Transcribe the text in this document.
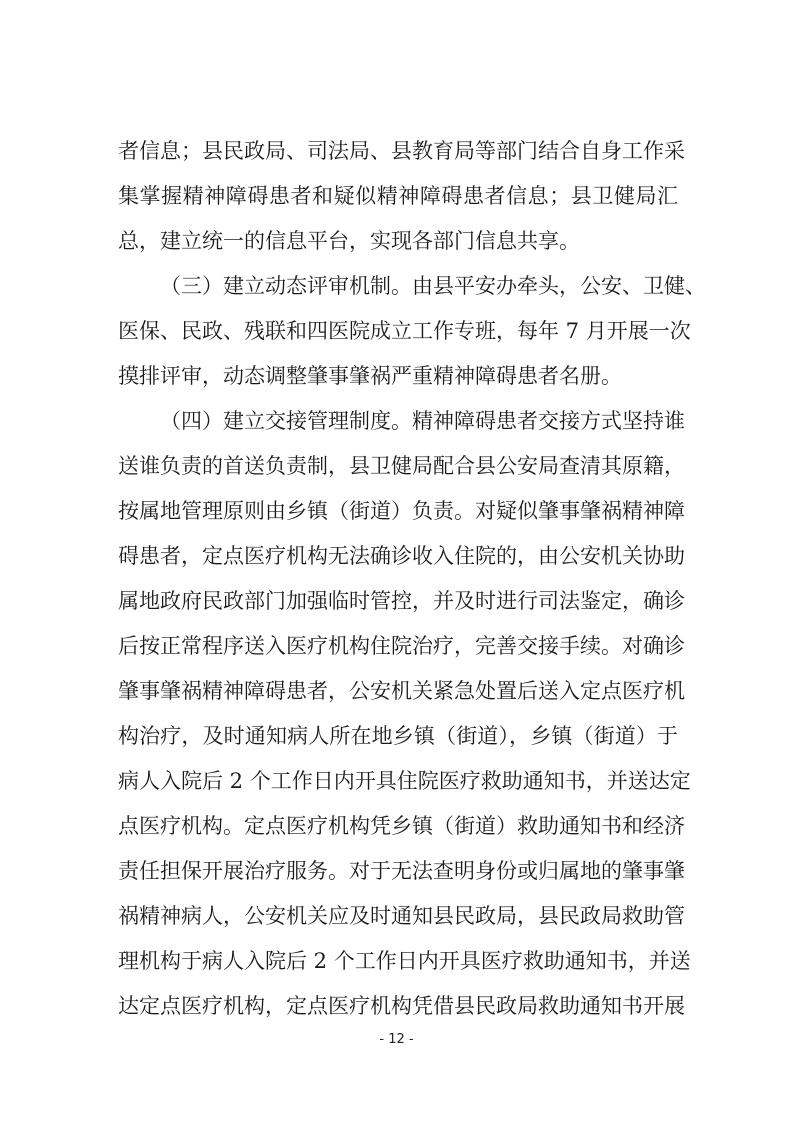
者信息；县民政局、司法局、县教育局等部门结合自身工作采
集掌握精神障碍患者和疑似精神障碍患者信息；县卫健局汇
总，建立统一的信息平台，实现各部门信息共享。
（三）建立动态评审机制。由县平安办牵头，公安、卫健、
医保、民政、残联和四医院成立工作专班，每年 7 月开展一次
摸排评审，动态调整肇事肇祸严重精神障碍患者名册。
（四）建立交接管理制度。精神障碍患者交接方式坚持谁
送谁负责的首送负责制，县卫健局配合县公安局查清其原籍，
按属地管理原则由乡镇（街道）负责。对疑似肇事肇祸精神障
碍患者，定点医疗机构无法确诊收入住院的，由公安机关协助
属地政府民政部门加强临时管控，并及时进行司法鉴定，确诊
后按正常程序送入医疗机构住院治疗，完善交接手续。对确诊
肇事肇祸精神障碍患者，公安机关紧急处置后送入定点医疗机
构治疗，及时通知病人所在地乡镇（街道），乡镇（街道）于
病人入院后 2 个工作日内开具住院医疗救助通知书，并送达定
点医疗机构。定点医疗机构凭乡镇（街道）救助通知书和经济
责任担保开展治疗服务。对于无法查明身份或归属地的肇事肇
祸精神病人，公安机关应及时通知县民政局，县民政局救助管
理机构于病人入院后 2 个工作日内开具医疗救助通知书，并送
达定点医疗机构，定点医疗机构凭借县民政局救助通知书开展
- 12 -
